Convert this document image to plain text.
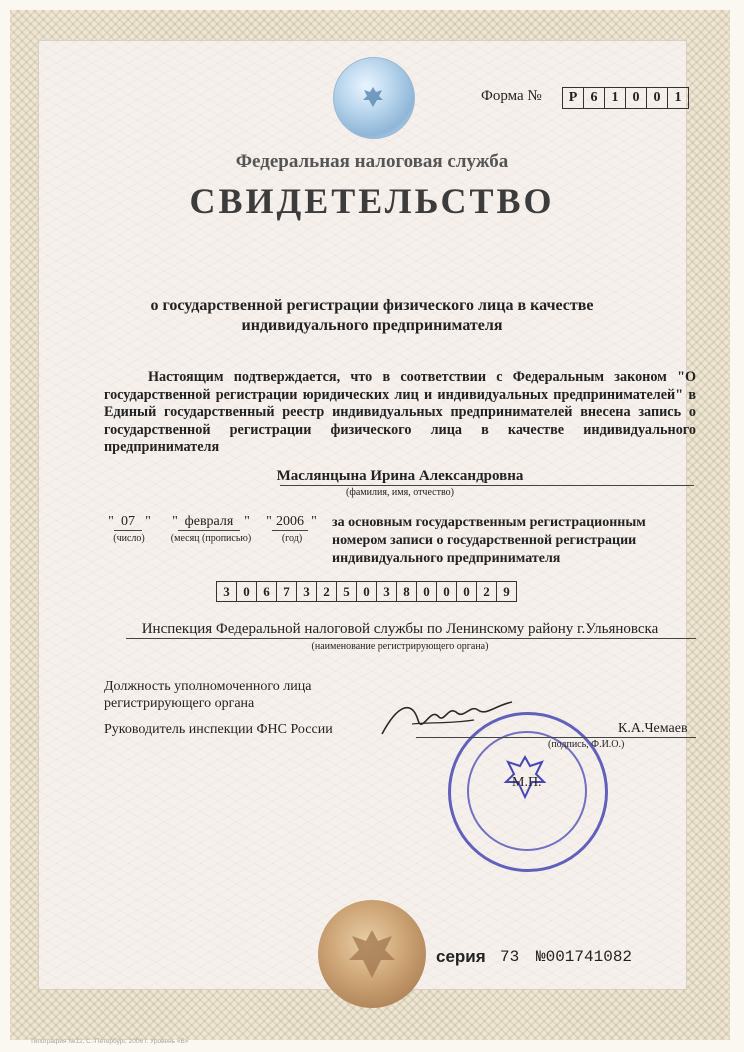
Форма №	Р 6	1	0	0	1
Федеральная налоговая служба
СВИДЕТЕЛЬСТВО
о государственной регистрации физического лица в качестве индивидуального предпринимателя
Настоящим подтверждается, что в соответствии с Федеральным законом "О государственной регистрации юридических лиц и индивидуальных предпринимателей" в Единый государственный реестр индивидуальных предпринимателей внесена запись о государственной регистрации физического лица в качестве индивидуального предпринимателя
Маслянцына Ирина Александровна
(фамилия, имя, отчество)
" 07 "
(число)
" февраля "
(месяц (прописью)
" 2006 "
(год)
за основным государственным регистрационным номером записи о государственной регистрации индивидуального предпринимателя
3	0	6	7	3	2	5	0	3	8	0	0	0	2	9
Инспекция Федеральной налоговой службы по Ленинскому району г.Ульяновска
(наименование регистрирующего органа)
Должность уполномоченного лица регистрирующего органа
Руководитель инспекции ФНС России
М.П.
К.А.Чемаев
(подпись, Ф.И.О.)
серия 73 №001741082
Типография №12, С.-Петербург, 2006 г. Уровень «В»
